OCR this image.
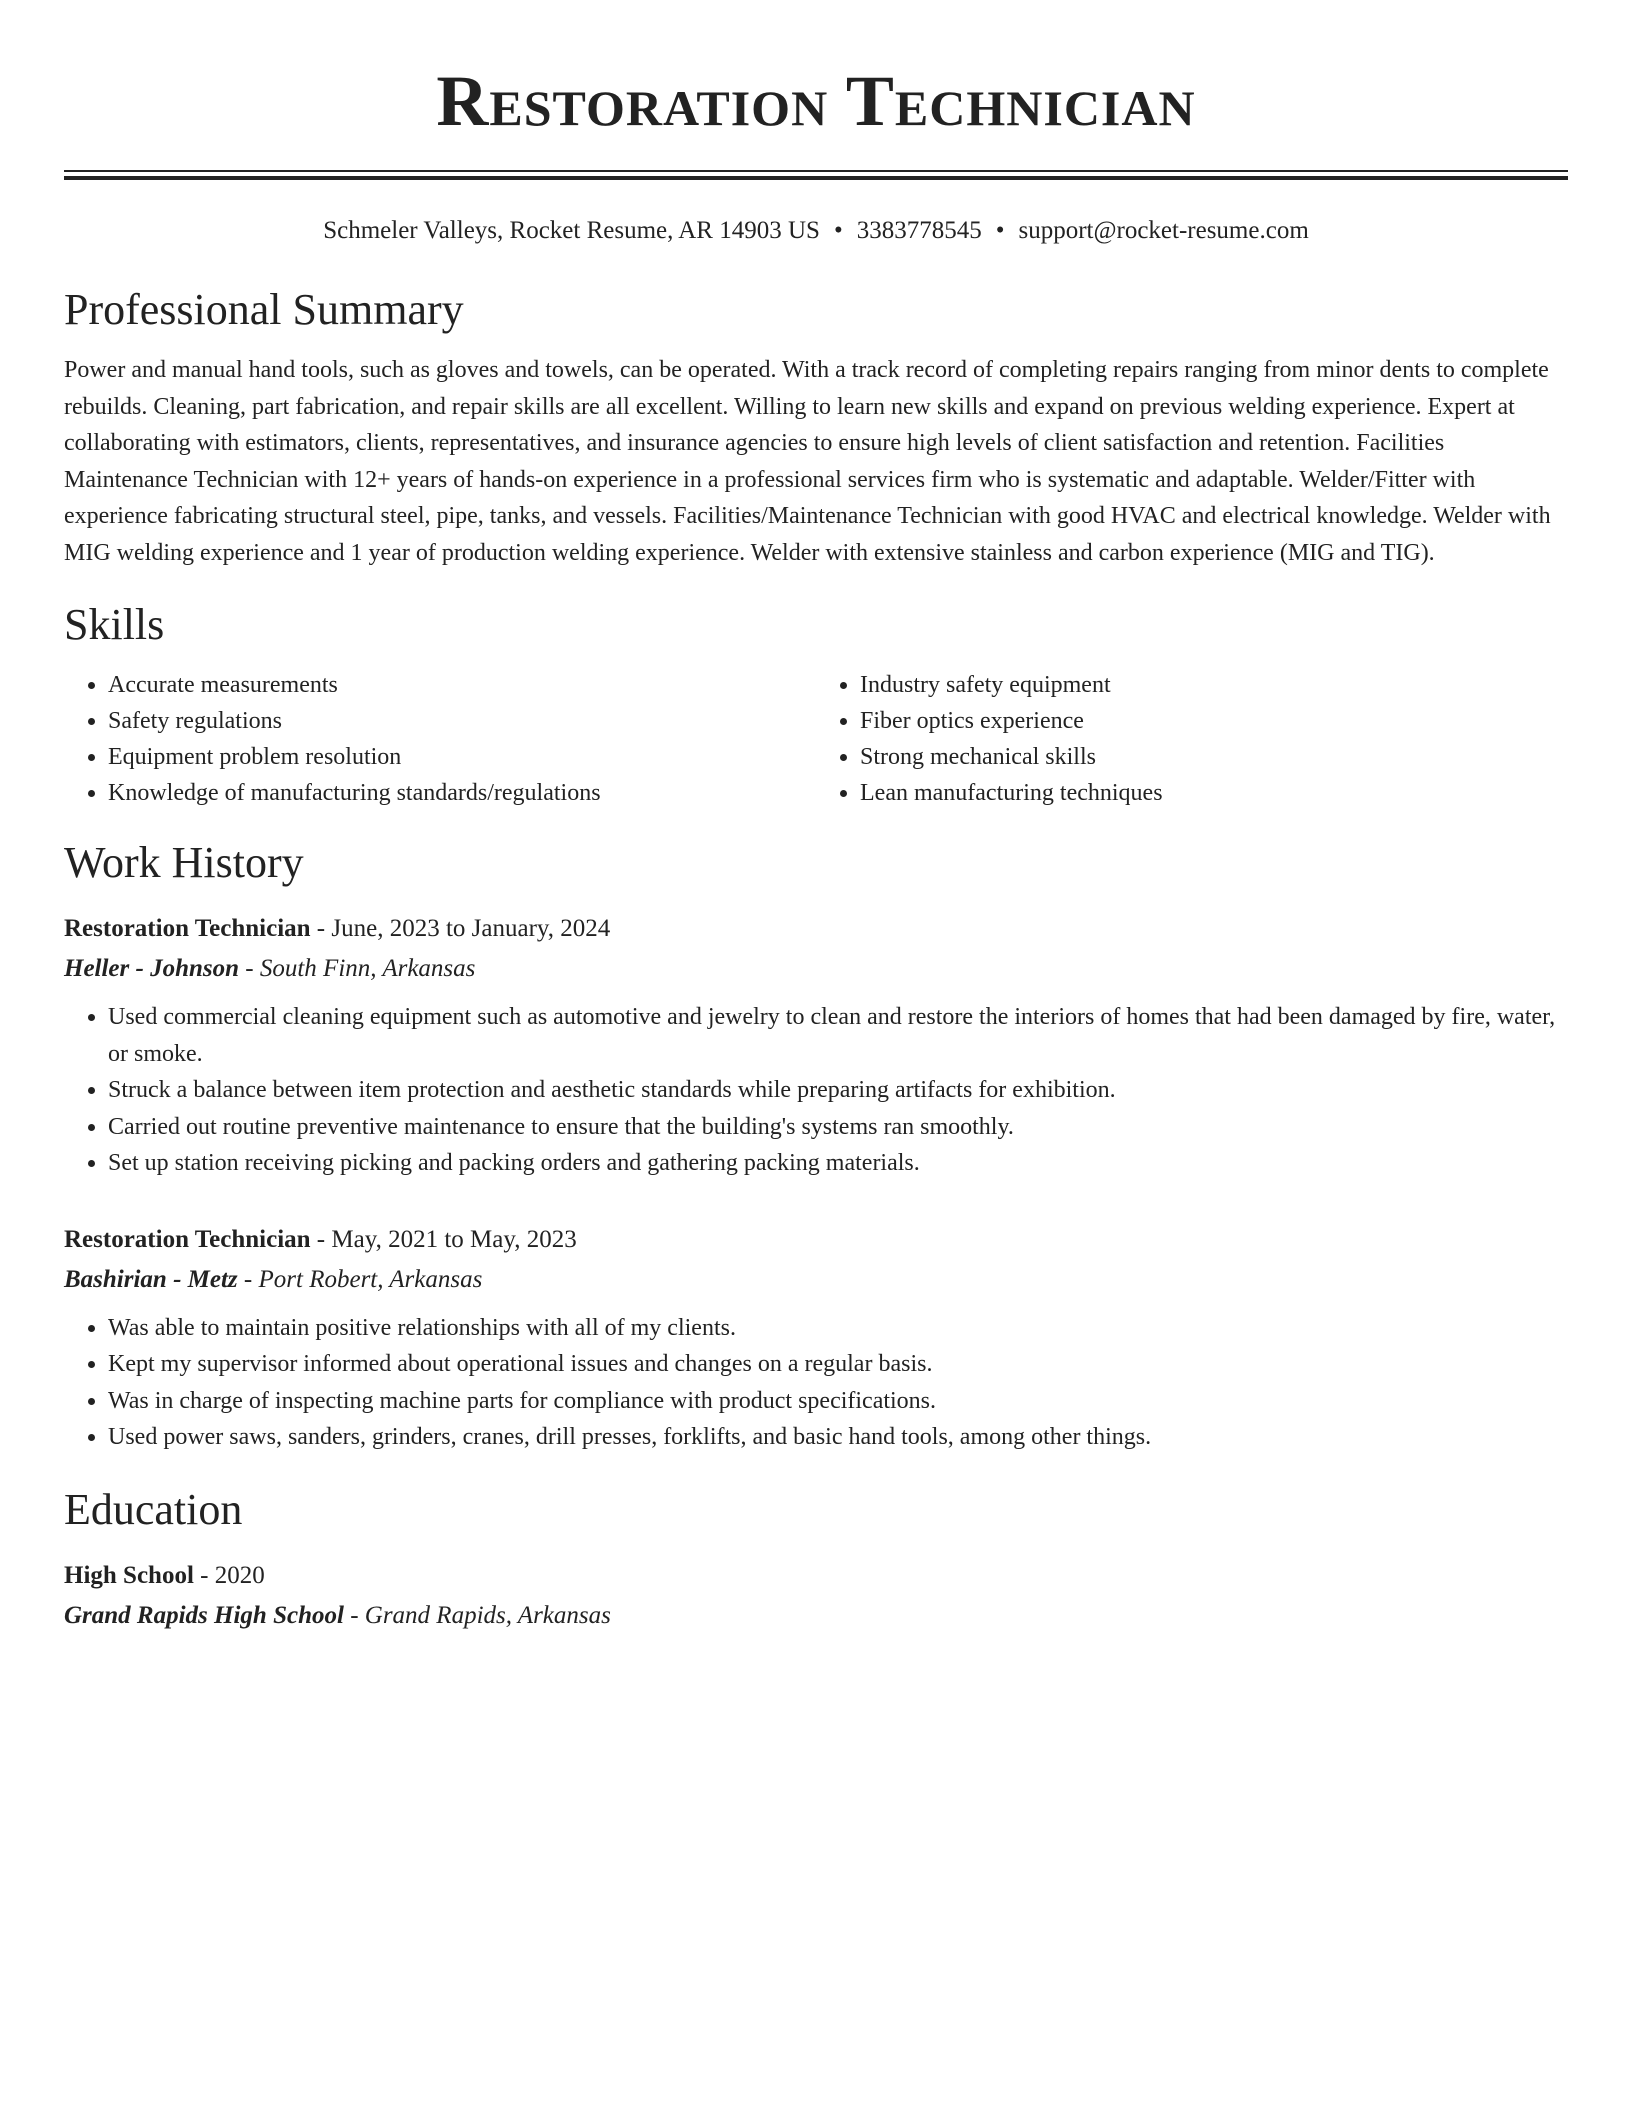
Restoration Technician
Schmeler Valleys, Rocket Resume, AR 14903 US • 3383778545 • support@rocket-resume.com
Professional Summary
Power and manual hand tools, such as gloves and towels, can be operated. With a track record of completing repairs ranging from minor dents to complete rebuilds. Cleaning, part fabrication, and repair skills are all excellent. Willing to learn new skills and expand on previous welding experience. Expert at collaborating with estimators, clients, representatives, and insurance agencies to ensure high levels of client satisfaction and retention. Facilities Maintenance Technician with 12+ years of hands-on experience in a professional services firm who is systematic and adaptable. Welder/Fitter with experience fabricating structural steel, pipe, tanks, and vessels. Facilities/Maintenance Technician with good HVAC and electrical knowledge. Welder with MIG welding experience and 1 year of production welding experience. Welder with extensive stainless and carbon experience (MIG and TIG).
Skills
• Accurate measurements
• Safety regulations
• Equipment problem resolution
• Knowledge of manufacturing standards/regulations
• Industry safety equipment
• Fiber optics experience
• Strong mechanical skills
• Lean manufacturing techniques
Work History
Restoration Technician - June, 2023 to January, 2024
Heller - Johnson - South Finn, Arkansas
• Used commercial cleaning equipment such as automotive and jewelry to clean and restore the interiors of homes that had been damaged by fire, water, or smoke.
• Struck a balance between item protection and aesthetic standards while preparing artifacts for exhibition.
• Carried out routine preventive maintenance to ensure that the building's systems ran smoothly.
• Set up station receiving picking and packing orders and gathering packing materials.
Restoration Technician - May, 2021 to May, 2023
Bashirian - Metz - Port Robert, Arkansas
• Was able to maintain positive relationships with all of my clients.
• Kept my supervisor informed about operational issues and changes on a regular basis.
• Was in charge of inspecting machine parts for compliance with product specifications.
• Used power saws, sanders, grinders, cranes, drill presses, forklifts, and basic hand tools, among other things.
Education
High School - 2020
Grand Rapids High School - Grand Rapids, Arkansas
